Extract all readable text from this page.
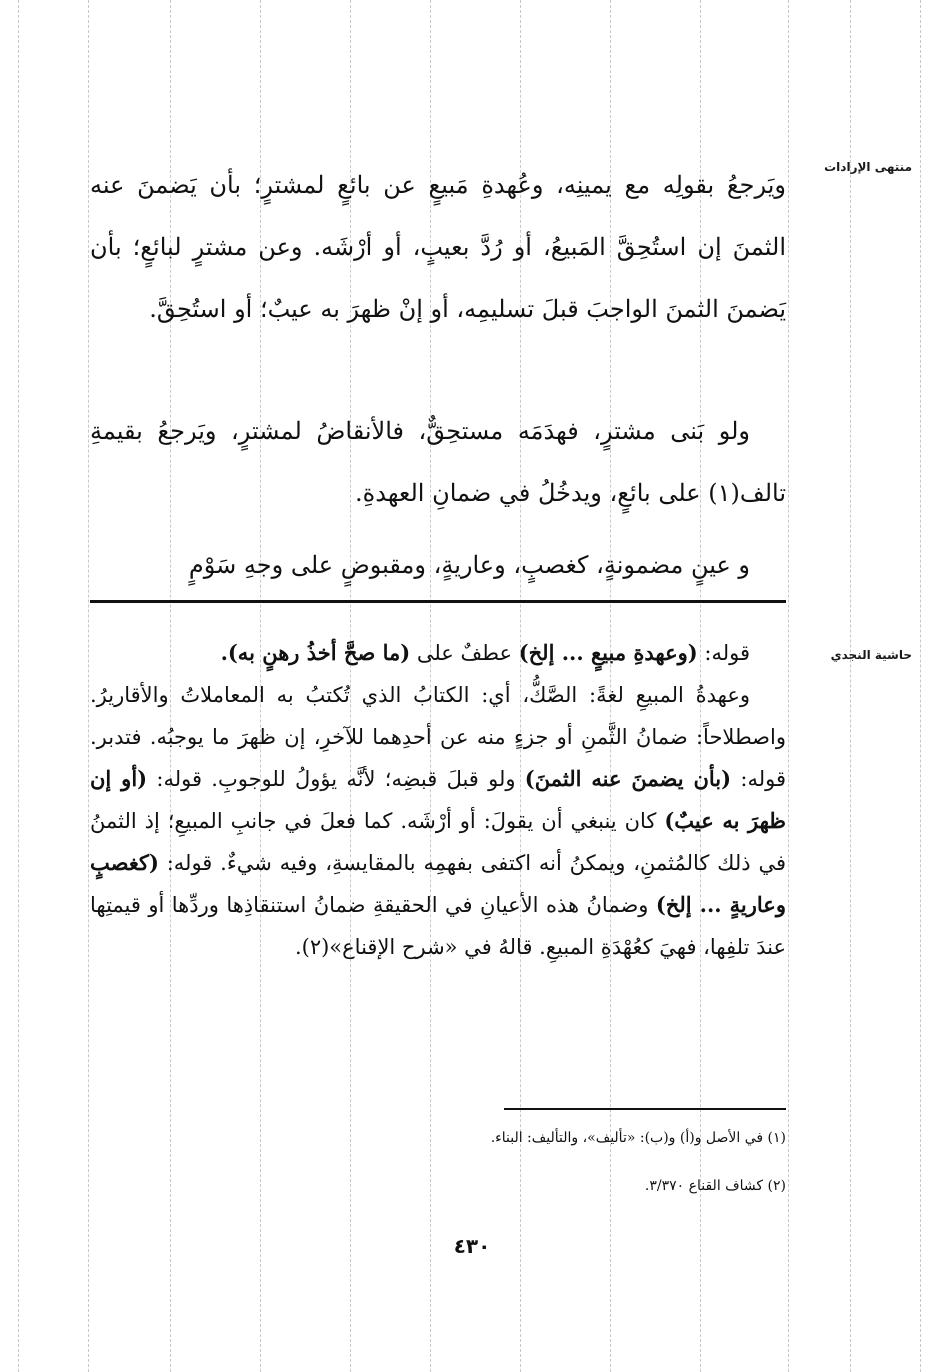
منتهى الإرادات
حاشية النجدي

ويَرجعُ بقولِه مع يمينِه، وعُهدةِ مَبيعٍ عن بائعٍ لمشترٍ؛ بأن يَضمنَ عنه الثمنَ إن استُحِقَّ المَبيعُ، أو رُدَّ بعيبٍ، أو أرْشَه. وعن مشترٍ لبائعٍ؛ بأن يَضمنَ الثمنَ الواجبَ قبلَ تسليمِه، أو إنْ ظهرَ به عيبٌ؛ أو استُحِقَّ.

ولو بَنى مشترٍ، فهدَمَه مستحِقٌّ، فالأنقاضُ لمشترٍ، ويَرجعُ بقيمةِ تالف(١) على بائعٍ، ويدخُلُ في ضمانِ العهدةِ.

و عينٍ مضمونةٍ، كغصبٍ، وعاريةٍ، ومقبوضٍ على وجهِ سَوْمٍ

قوله: (وعهدةِ مبيعٍ ... إلخ) عطفٌ على (ما صحَّ أخذُ رهنٍ به).

وعهدةُ المبيعِ لغةً: الصَّكُّ، أي: الكتابُ الذي تُكتبُ به المعاملاتُ والأقاريرُ. واصطلاحاً: ضمانُ الثَّمنِ أو جزءٍ منه عن أحدِهما للآخرِ، إن ظهرَ ما يوجبُه. فتدبر. قوله: (بأن يضمنَ عنه الثمنَ) ولو قبلَ قبضِه؛ لأنَّه يؤولُ للوجوبِ. قوله: (أو إن ظهرَ به عيبٌ) كان ينبغي أن يقولَ: أو أرْشَه. كما فعلَ في جانبِ المبيعِ؛ إذ الثمنُ في ذلك كالمُثمنِ، ويمكنُ أنه اكتفى بفهمِه بالمقايسةِ، وفيه شيءٌ. قوله: (كغصبٍ وعاريةٍ ... إلخ) وضمانُ هذه الأعيانِ في الحقيقةِ ضمانُ استنقاذِها وردِّها أو قيمتِها عندَ تلفِها، فهيَ كعُهْدَةِ المبيعِ. قالهُ في «شرح الإقناع»(٢).

(١) في الأصل و(أ) و(ب): «تأليف»، والتأليف: البناء.
(٢) كشاف القناع ٣/٣٧٠.
٤٣٠
